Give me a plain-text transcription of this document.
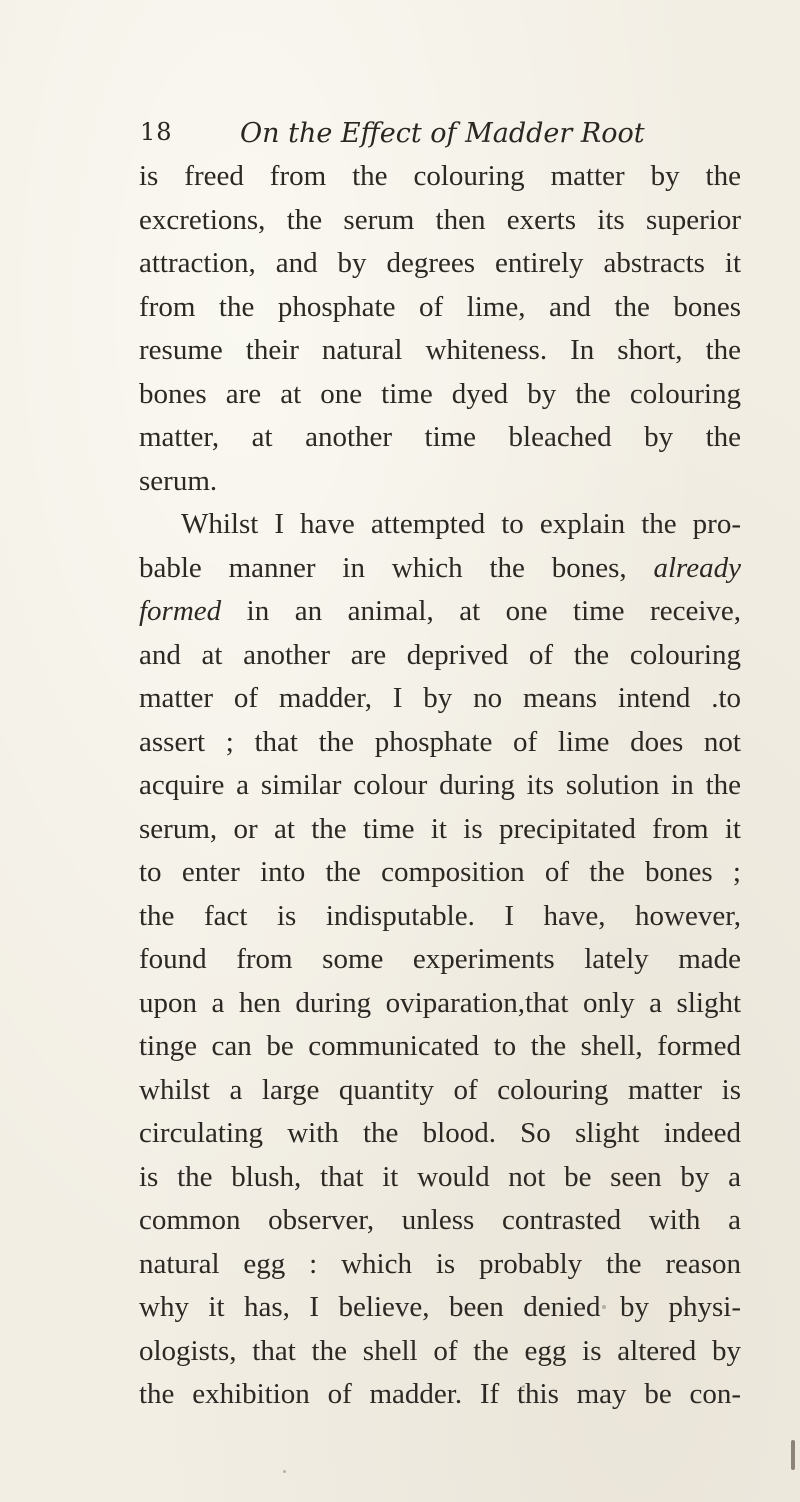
18 On the Effect of Madder Root
is freed from the colouring matter by the
excretions, the serum then exerts its superior
attraction, and by degrees entirely abstracts it
from the phosphate of lime, and the bones
resume their natural whiteness. In short, the
bones are at one time dyed by the colouring
matter, at another time bleached by the
serum.
Whilst I have attempted to explain the pro-
bable manner in which the bones, already
formed in an animal, at one time receive,
and at another are deprived of the colouring
matter of madder, I by no means intend .to
assert ; that the phosphate of lime does not
acquire a similar colour during its solution in the
serum, or at the time it is precipitated from it
to enter into the composition of the bones ;
the fact is indisputable. I have, however,
found from some experiments lately made
upon a hen during oviparation,that only a slight
tinge can be communicated to the shell, formed
whilst a large quantity of colouring matter is
circulating with the blood. So slight indeed
is the blush, that it would not be seen by a
common observer, unless contrasted with a
natural egg : which is probably the reason
why it has, I believe, been denied by physi-
ologists, that the shell of the egg is altered by
the exhibition of madder. If this may be con-
